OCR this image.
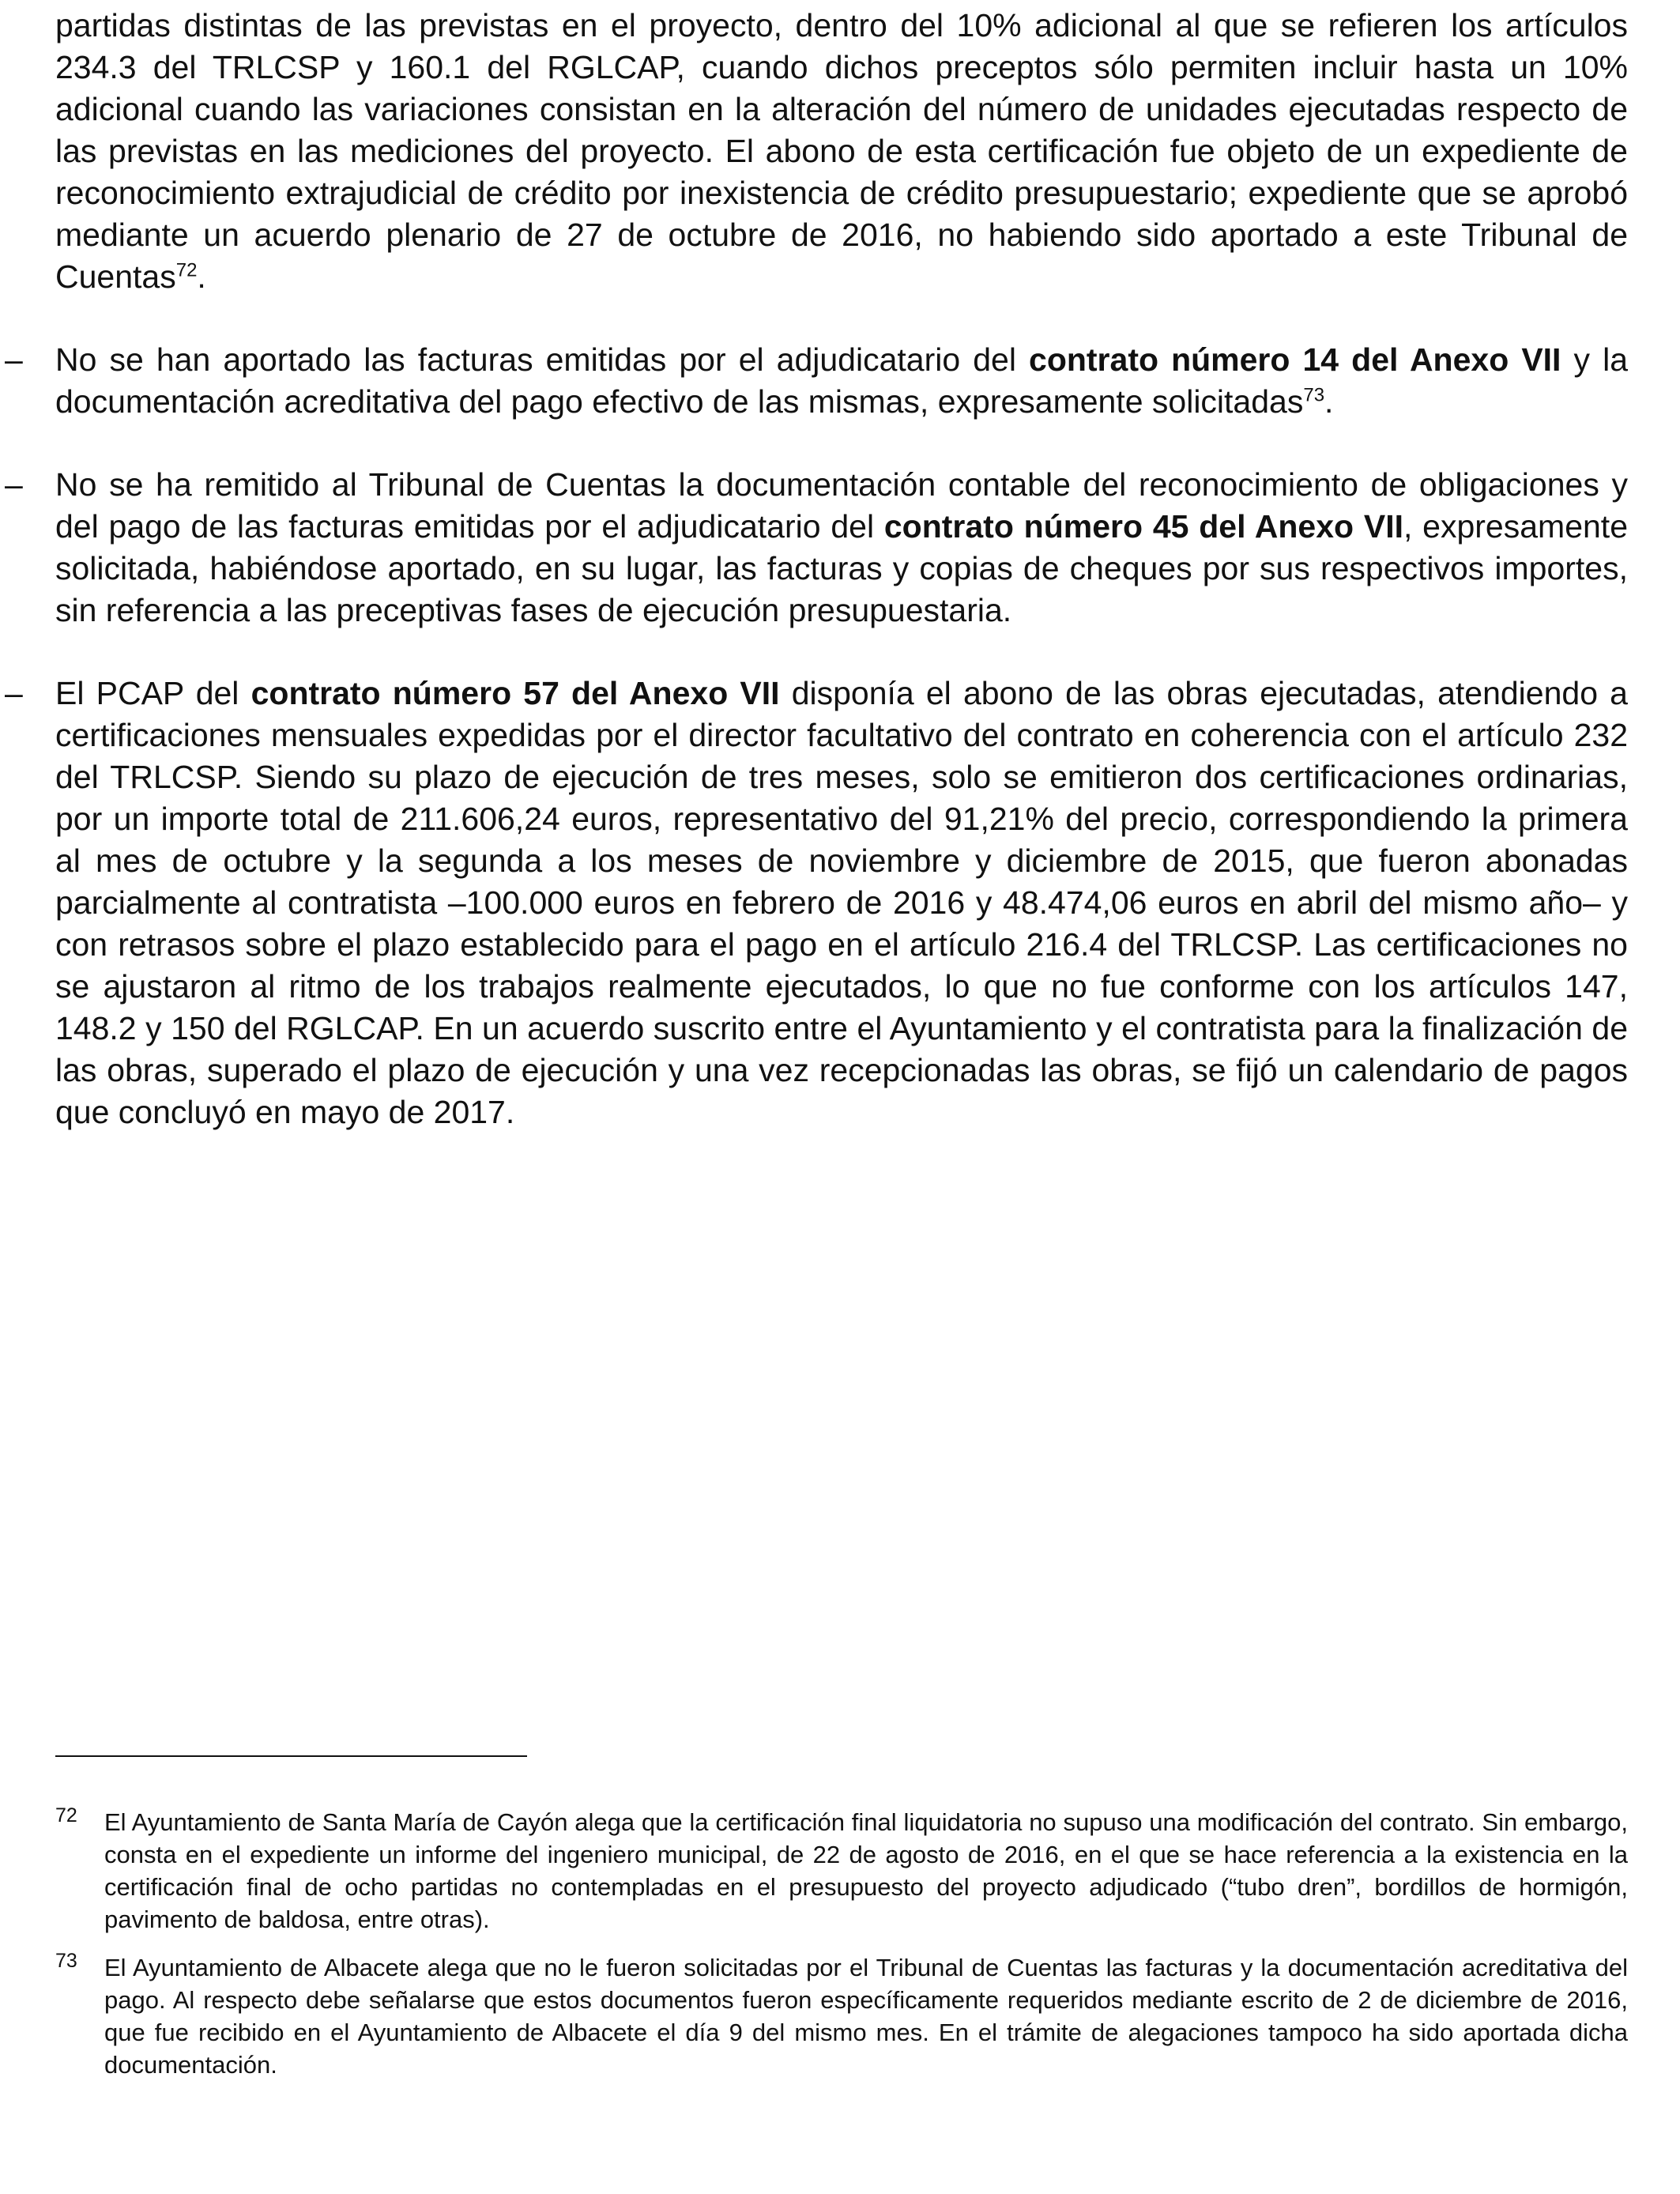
partidas distintas de las previstas en el proyecto, dentro del 10% adicional al que se refieren los artículos 234.3 del TRLCSP y 160.1 del RGLCAP, cuando dichos preceptos sólo permiten incluir hasta un 10% adicional cuando las variaciones consistan en la alteración del número de unidades ejecutadas respecto de las previstas en las mediciones del proyecto. El abono de esta certificación fue objeto de un expediente de reconocimiento extrajudicial de crédito por inexistencia de crédito presupuestario; expediente que se aprobó mediante un acuerdo plenario de 27 de octubre de 2016, no habiendo sido aportado a este Tribunal de Cuentas$^{72}$.

– No se han aportado las facturas emitidas por el adjudicatario del contrato número 14 del Anexo VII y la documentación acreditativa del pago efectivo de las mismas, expresamente solicitadas$^{73}$.

– No se ha remitido al Tribunal de Cuentas la documentación contable del reconocimiento de obligaciones y del pago de las facturas emitidas por el adjudicatario del contrato número 45 del Anexo VII, expresamente solicitada, habiéndose aportado, en su lugar, las facturas y copias de cheques por sus respectivos importes, sin referencia a las preceptivas fases de ejecución presupuestaria.

– El PCAP del contrato número 57 del Anexo VII disponía el abono de las obras ejecutadas, atendiendo a certificaciones mensuales expedidas por el director facultativo del contrato en coherencia con el artículo 232 del TRLCSP. Siendo su plazo de ejecución de tres meses, solo se emitieron dos certificaciones ordinarias, por un importe total de 211.606,24 euros, representativo del 91,21% del precio, correspondiendo la primera al mes de octubre y la segunda a los meses de noviembre y diciembre de 2015, que fueron abonadas parcialmente al contratista –100.000 euros en febrero de 2016 y 48.474,06 euros en abril del mismo año– y con retrasos sobre el plazo establecido para el pago en el artículo 216.4 del TRLCSP. Las certificaciones no se ajustaron al ritmo de los trabajos realmente ejecutados, lo que no fue conforme con los artículos 147, 148.2 y 150 del RGLCAP. En un acuerdo suscrito entre el Ayuntamiento y el contratista para la finalización de las obras, superado el plazo de ejecución y una vez recepcionadas las obras, se fijó un calendario de pagos que concluyó en mayo de 2017.

72 El Ayuntamiento de Santa María de Cayón alega que la certificación final liquidatoria no supuso una modificación del contrato. Sin embargo, consta en el expediente un informe del ingeniero municipal, de 22 de agosto de 2016, en el que se hace referencia a la existencia en la certificación final de ocho partidas no contempladas en el presupuesto del proyecto adjudicado (“tubo dren”, bordillos de hormigón, pavimento de baldosa, entre otras).

73 El Ayuntamiento de Albacete alega que no le fueron solicitadas por el Tribunal de Cuentas las facturas y la documentación acreditativa del pago. Al respecto debe señalarse que estos documentos fueron específicamente requeridos mediante escrito de 2 de diciembre de 2016, que fue recibido en el Ayuntamiento de Albacete el día 9 del mismo mes. En el trámite de alegaciones tampoco ha sido aportada dicha documentación.
